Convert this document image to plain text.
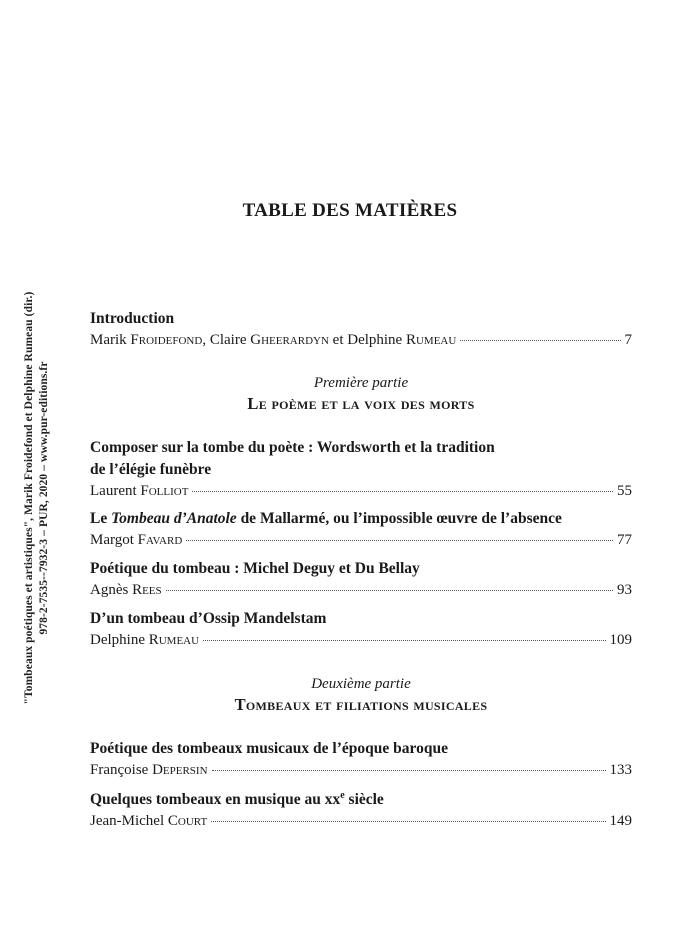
"Tombeaux poétiques et artistiques", Marik Froidefond et Delphine Rumeau (dir.) 978-2-7535--7932-3 – PUR, 2020 – www.pur-editions.fr
TABLE DES MATIÈRES
Introduction
Marik Froidefond, Claire Gheerardyn et Delphine Rumeau	7
Première partie
Le poème et la voix des morts
Composer sur la tombe du poète : Wordsworth et la tradition
de l’élégie funèbre
Laurent Folliot	55
Le Tombeau d’Anatole de Mallarmé, ou l’impossible œuvre de l’absence
Margot Favard	77
Poétique du tombeau : Michel Deguy et Du Bellay
Agnès Rees	93
D’un tombeau d’Ossip Mandelstam
Delphine Rumeau	109
Deuxième partie
Tombeaux et filiations musicales
Poétique des tombeaux musicaux de l’époque baroque
Françoise Depersin	133
Quelques tombeaux en musique au $xx^e$ siècle
Jean-Michel Court	149
